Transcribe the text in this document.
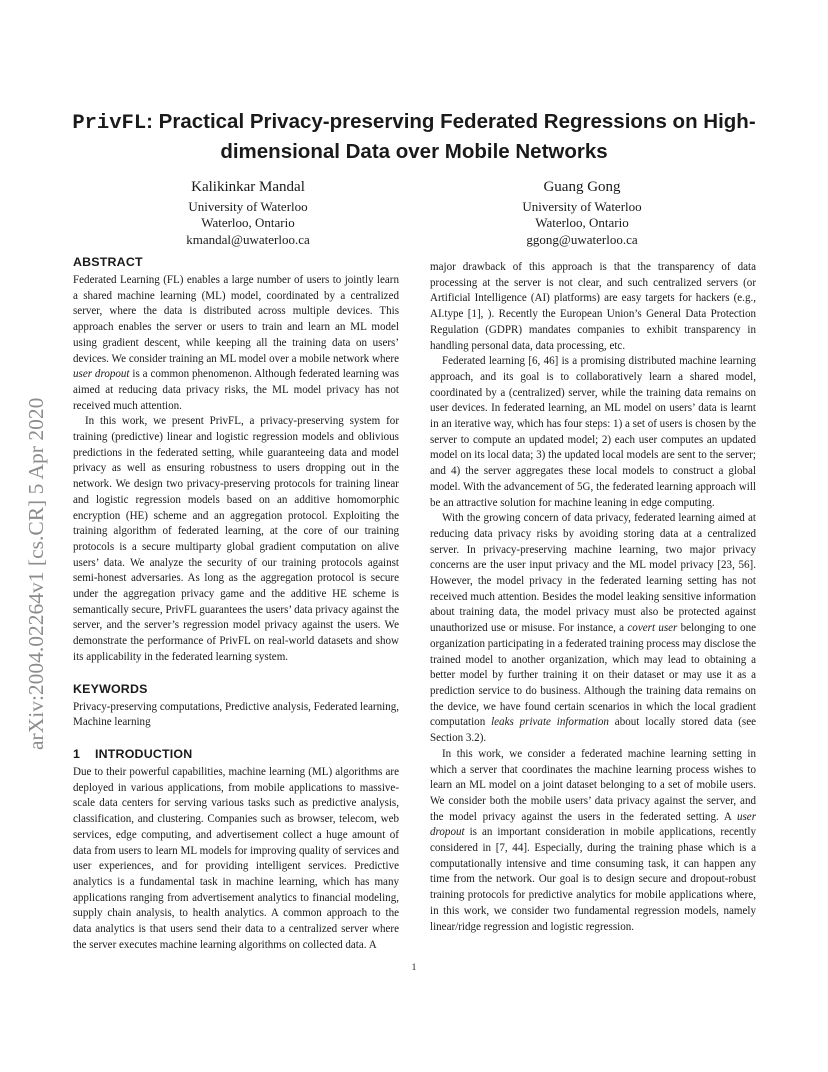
PrivFL: Practical Privacy-preserving Federated Regressions on High-dimensional Data over Mobile Networks
Kalikinkar Mandal
University of Waterloo
Waterloo, Ontario
kmandal@uwaterloo.ca
Guang Gong
University of Waterloo
Waterloo, Ontario
ggong@uwaterloo.ca
arXiv:2004.02264v1 [cs.CR] 5 Apr 2020
ABSTRACT

Federated Learning (FL) enables a large number of users to jointly learn a shared machine learning (ML) model, coordinated by a centralized server, where the data is distributed across multiple devices. This approach enables the server or users to train and learn an ML model using gradient descent, while keeping all the training data on users’ devices. We consider training an ML model over a mobile network where user dropout is a common phenomenon. Although federated learning was aimed at reducing data privacy risks, the ML model privacy has not received much attention.

In this work, we present PrivFL, a privacy-preserving system for training (predictive) linear and logistic regression models and oblivious predictions in the federated setting, while guaranteeing data and model privacy as well as ensuring robustness to users dropping out in the network. We design two privacy-preserving protocols for training linear and logistic regression models based on an additive homomorphic encryption (HE) scheme and an aggregation protocol. Exploiting the training algorithm of federated learning, at the core of our training protocols is a secure multiparty global gradient computation on alive users’ data. We analyze the security of our training protocols against semi-honest adversaries. As long as the aggregation protocol is secure under the aggregation privacy game and the additive HE scheme is semantically secure, PrivFL guarantees the users’ data privacy against the server, and the server’s regression model privacy against the users. We demonstrate the performance of PrivFL on real-world datasets and show its applicability in the federated learning system.

KEYWORDS

Privacy-preserving computations, Predictive analysis, Federated learning, Machine learning

1 INTRODUCTION

Due to their powerful capabilities, machine learning (ML) algorithms are deployed in various applications, from mobile applications to massive-scale data centers for serving various tasks such as predictive analysis, classification, and clustering. Companies such as browser, telecom, web services, edge computing, and advertisement collect a huge amount of data from users to learn ML models for improving quality of services and user experiences, and for providing intelligent services. Predictive analytics is a fundamental task in machine learning, which has many applications ranging from advertisement analytics to financial modeling, supply chain analysis, to health analytics. A common approach to the data analytics is that users send their data to a centralized server where the server executes machine learning algorithms on collected data. A

major drawback of this approach is that the transparency of data processing at the server is not clear, and such centralized servers (or Artificial Intelligence (AI) platforms) are easy targets for hackers (e.g., AI.type [1], ). Recently the European Union’s General Data Protection Regulation (GDPR) mandates companies to exhibit transparency in handling personal data, data processing, etc.

Federated learning [6, 46] is a promising distributed machine learning approach, and its goal is to collaboratively learn a shared model, coordinated by a (centralized) server, while the training data remains on user devices. In federated learning, an ML model on users’ data is learnt in an iterative way, which has four steps: 1) a set of users is chosen by the server to compute an updated model; 2) each user computes an updated model on its local data; 3) the updated local models are sent to the server; and 4) the server aggregates these local models to construct a global model. With the advancement of 5G, the federated learning approach will be an attractive solution for machine leaning in edge computing.

With the growing concern of data privacy, federated learning aimed at reducing data privacy risks by avoiding storing data at a centralized server. In privacy-preserving machine learning, two major privacy concerns are the user input privacy and the ML model privacy [23, 56]. However, the model privacy in the federated learning setting has not received much attention. Besides the model leaking sensitive information about training data, the model privacy must also be protected against unauthorized use or misuse. For instance, a covert user belonging to one organization participating in a federated training process may disclose the trained model to another organization, which may lead to obtaining a better model by further training it on their dataset or may use it as a prediction service to do business. Although the training data remains on the device, we have found certain scenarios in which the local gradient computation leaks private information about locally stored data (see Section 3.2).

In this work, we consider a federated machine learning setting in which a server that coordinates the machine learning process wishes to learn an ML model on a joint dataset belonging to a set of mobile users. We consider both the mobile users’ data privacy against the server, and the model privacy against the users in the federated setting. A user dropout is an important consideration in mobile applications, recently considered in [7, 44]. Especially, during the training phase which is a computationally intensive and time consuming task, it can happen any time from the network. Our goal is to design secure and dropout-robust training protocols for predictive analytics for mobile applications where, in this work, we consider two fundamental regression models, namely linear/ridge regression and logistic regression.

1
